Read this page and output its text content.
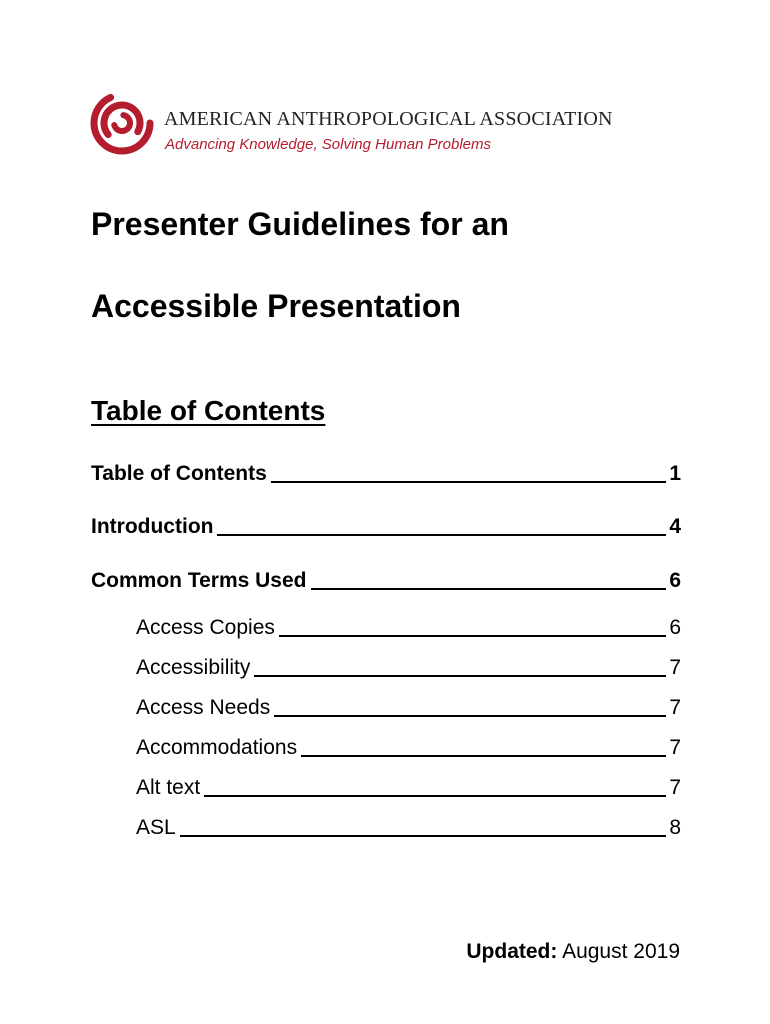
AMERICAN ANTHROPOLOGICAL ASSOCIATION
Advancing Knowledge, Solving Human Problems
Presenter Guidelines for an
Accessible Presentation
Table of Contents
Table of Contents	1
Introduction	4
Common Terms Used	6
Access Copies	6
Accessibility	7
Access Needs	7
Accommodations	7
Alt text	7
ASL	8
Updated: August 2019
